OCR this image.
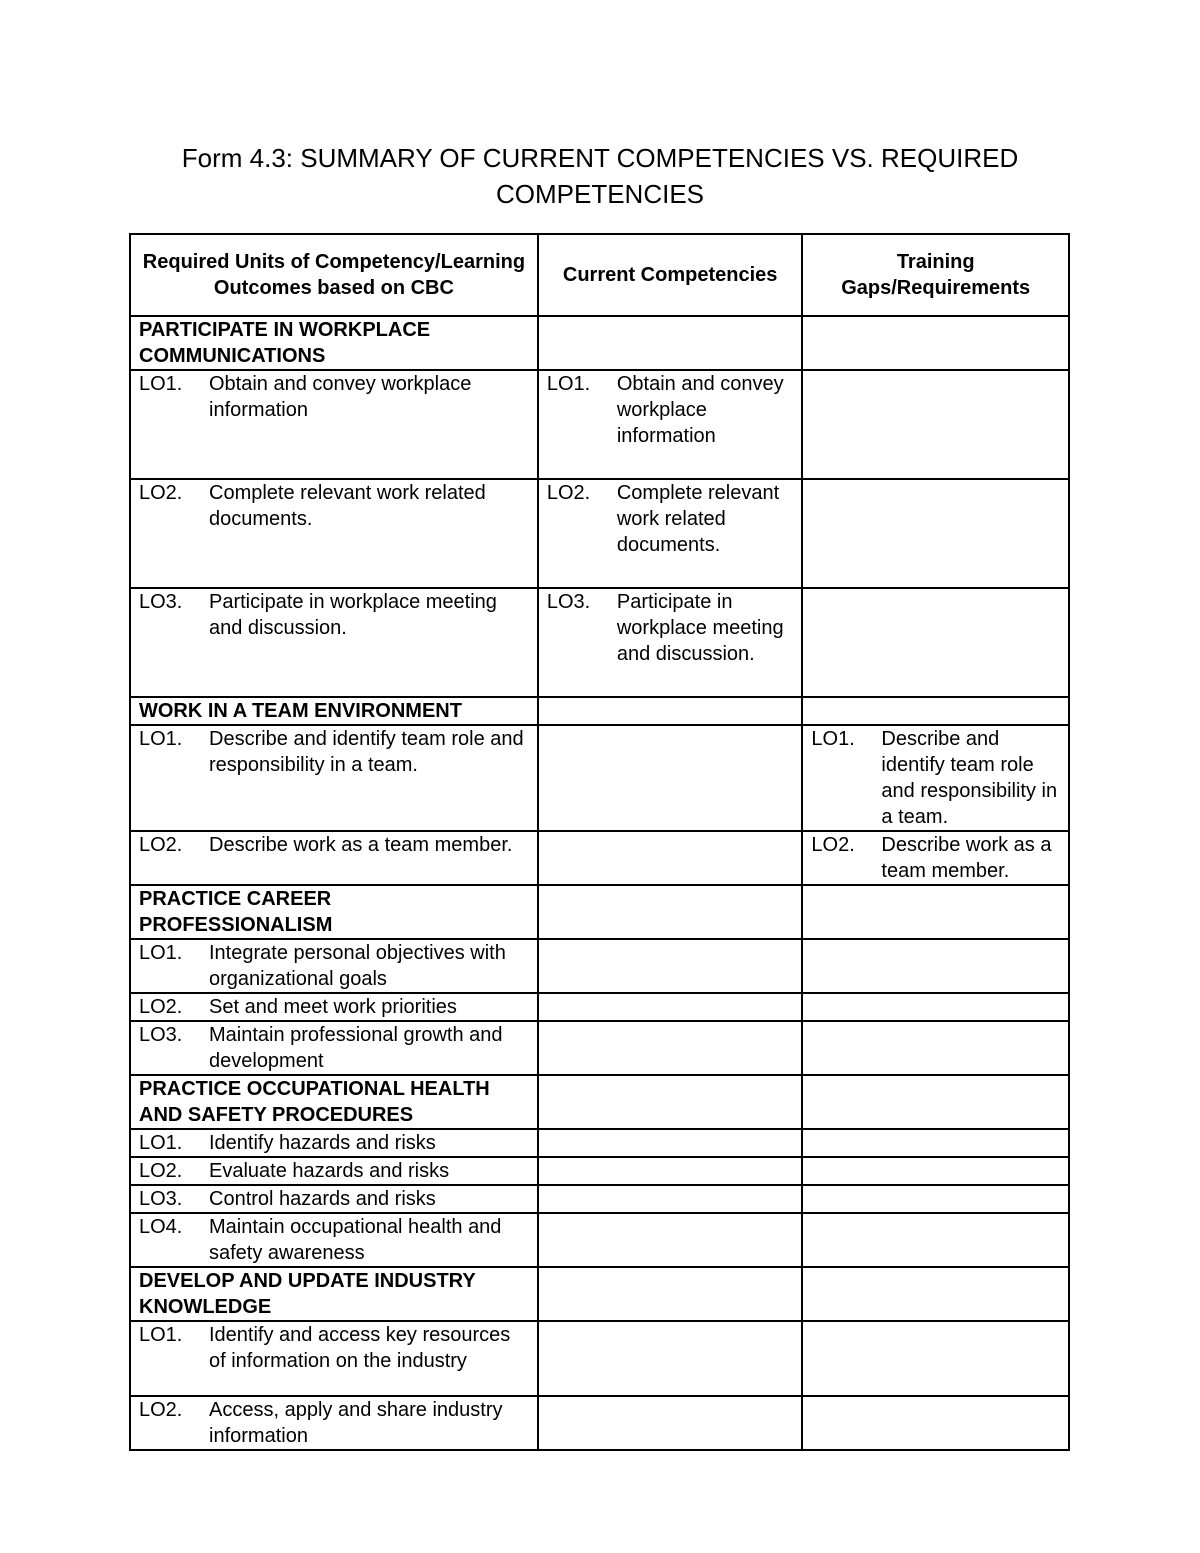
Form 4.3: SUMMARY OF CURRENT COMPETENCIES VS. REQUIRED
COMPETENCIES
Required Units of Competency/Learning Outcomes based on CBC	Current Competencies	Training Gaps/Requirements
PARTICIPATE IN WORKPLACE COMMUNICATIONS		

LO1. Obtain and convey workplace information	LO1. Obtain and convey workplace information	

LO2. Complete relevant work related documents.	LO2. Complete relevant work related documents.	

LO3. Participate in workplace meeting and discussion.	LO3. Participate in workplace meeting and discussion.	

WORK IN A TEAM ENVIRONMENT		

LO1. Describe and identify team role and responsibility in a team.		LO1. Describe and identify team role and responsibility in a team.

LO2. Describe work as a team member.		LO2. Describe work as a team member.

PRACTICE CAREER PROFESSIONALISM		

LO1. Integrate personal objectives with organizational goals		

LO2. Set and meet work priorities		

LO3. Maintain professional growth and development		

PRACTICE OCCUPATIONAL HEALTH AND SAFETY PROCEDURES		

LO1. Identify hazards and risks		

LO2. Evaluate hazards and risks		

LO3. Control hazards and risks		

LO4. Maintain occupational health and safety awareness		

DEVELOP AND UPDATE INDUSTRY KNOWLEDGE		

LO1. Identify and access key resources of information on the industry		

LO2. Access, apply and share industry information		
